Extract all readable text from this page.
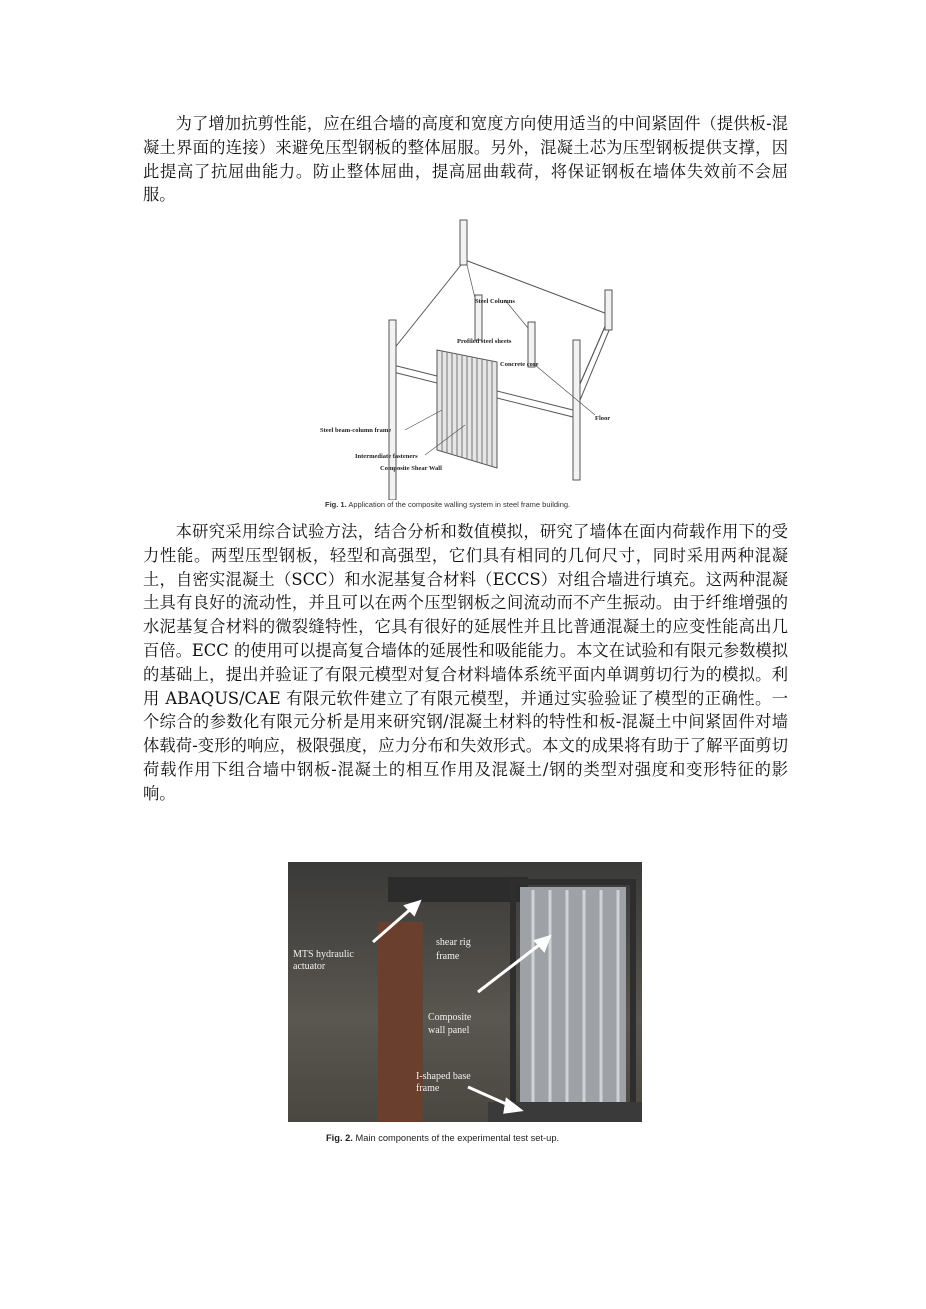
为了增加抗剪性能，应在组合墙的高度和宽度方向使用适当的中间紧固件（提供板-混凝土界面的连接）来避免压型钢板的整体屈服。另外，混凝土芯为压型钢板提供支撑，因此提高了抗屈曲能力。防止整体屈曲，提高屈曲载荷，将保证钢板在墙体失效前不会屈服。

Steel Columns
Profiled steel sheets
Concrete core
Floor
Steel beam-column frame
Intermediate fasteners
Composite Shear Wall
Fig. 1. Application of the composite walling system in steel frame building.

本研究采用综合试验方法，结合分析和数值模拟，研究了墙体在面内荷载作用下的受力性能。两型压型钢板，轻型和高强型，它们具有相同的几何尺寸，同时采用两种混凝土，自密实混凝土（SCC）和水泥基复合材料（ECCS）对组合墙进行填充。这两种混凝土具有良好的流动性，并且可以在两个压型钢板之间流动而不产生振动。由于纤维增强的水泥基复合材料的微裂缝特性，它具有很好的延展性并且比普通混凝土的应变性能高出几百倍。ECC 的使用可以提高复合墙体的延展性和吸能能力。本文在试验和有限元参数模拟的基础上，提出并验证了有限元模型对复合材料墙体系统平面内单调剪切行为的模拟。利用 ABAQUS/CAE 有限元软件建立了有限元模型，并通过实验验证了模型的正确性。一个综合的参数化有限元分析是用来研究钢/混凝土材料的特性和板-混凝土中间紧固件对墙体载荷-变形的响应，极限强度，应力分布和失效形式。本文的成果将有助于了解平面剪切荷载作用下组合墙中钢板-混凝土的相互作用及混凝土/钢的类型对强度和变形特征的影响。

MTS hydraulic
actuator
shear rig
frame
Composite
wall panel
I-shaped base
frame
Fig. 2. Main components of the experimental test set-up.
